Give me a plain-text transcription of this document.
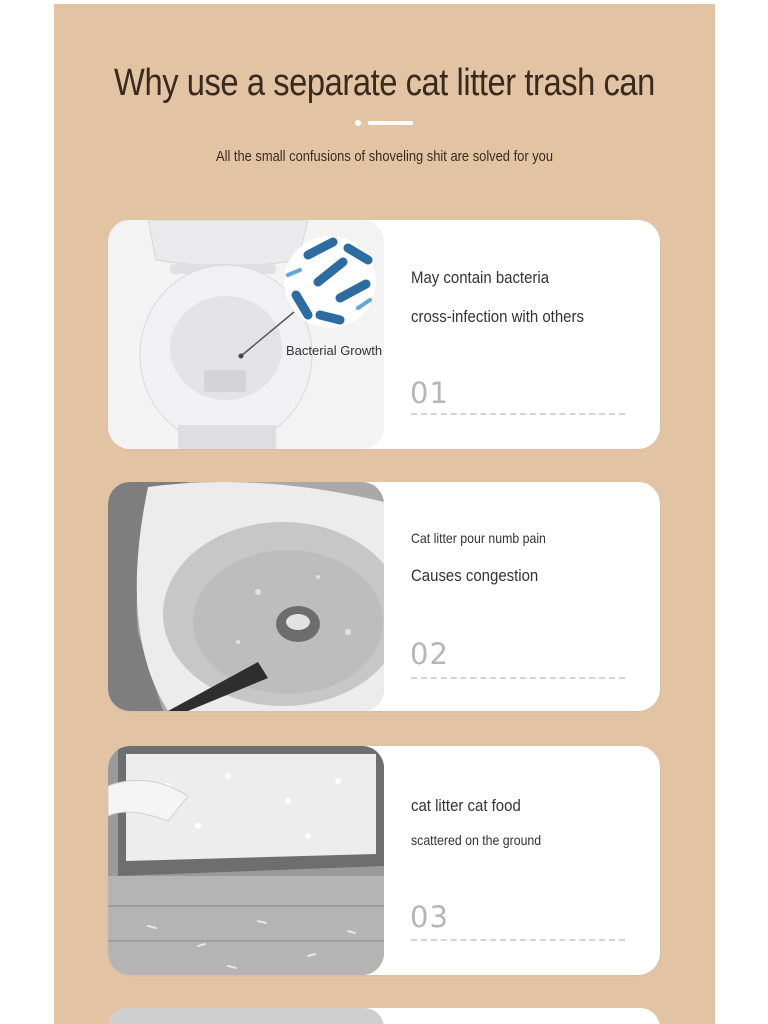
Why use a separate cat litter trash can
All the small confusions of shoveling shit are solved for you
Bacterial Growth
May contain bacteria
cross-infection with others
01
Cat litter pour numb pain
Causes congestion
02
cat litter cat food
scattered on the ground
03
